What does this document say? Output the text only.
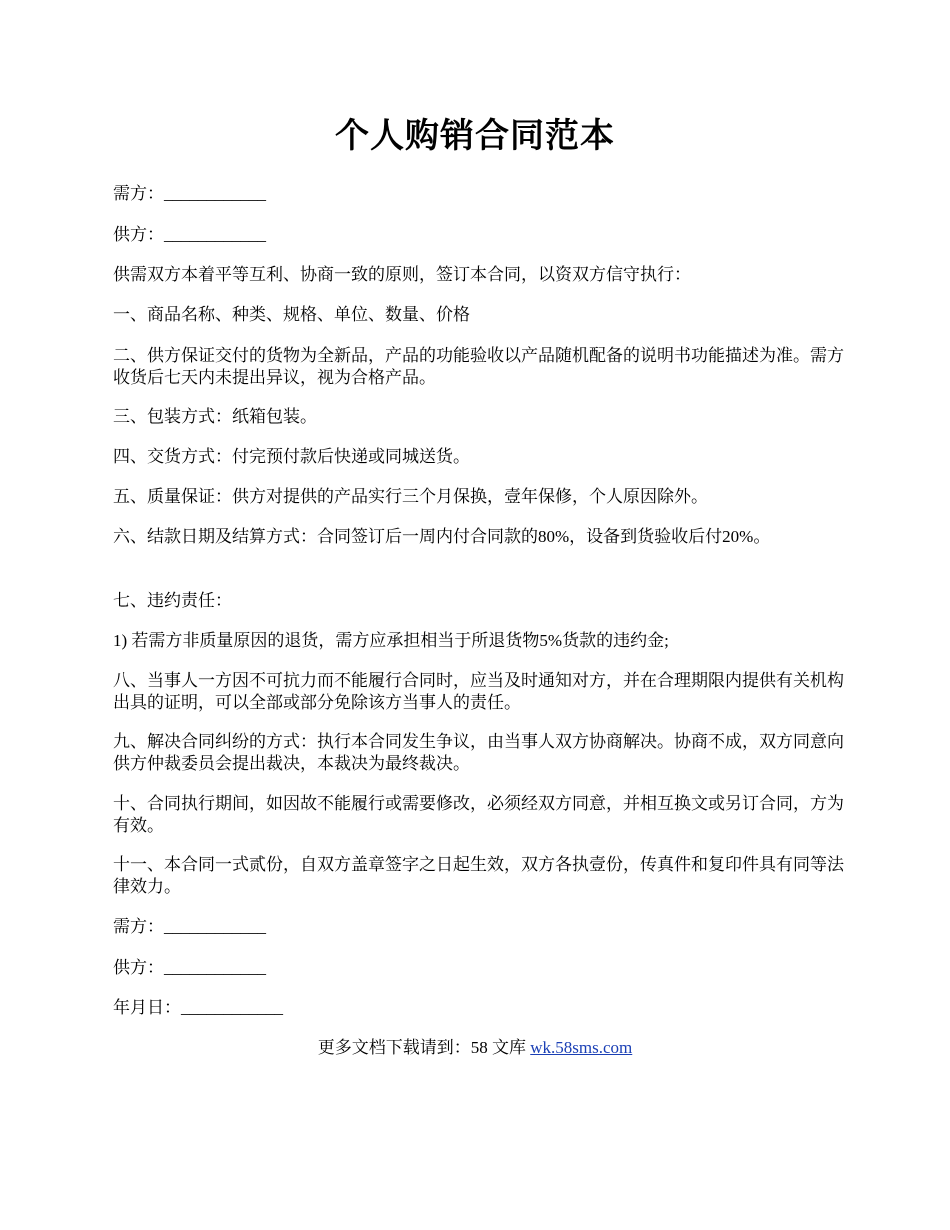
个人购销合同范本

需方：____________

供方：____________

供需双方本着平等互利、协商一致的原则，签订本合同，以资双方信守执行：

一、商品名称、种类、规格、单位、数量、价格

二、供方保证交付的货物为全新品，产品的功能验收以产品随机配备的说明书功能描述为准。需方收货后七天内未提出异议，视为合格产品。

三、包装方式：纸箱包装。

四、交货方式：付完预付款后快递或同城送货。

五、质量保证：供方对提供的产品实行三个月保换，壹年保修，个人原因除外。

六、结款日期及结算方式：合同签订后一周内付合同款的80%，设备到货验收后付20%。

七、违约责任：

1) 若需方非质量原因的退货，需方应承担相当于所退货物5%货款的违约金;

八、当事人一方因不可抗力而不能履行合同时，应当及时通知对方，并在合理期限内提供有关机构出具的证明，可以全部或部分免除该方当事人的责任。

九、解决合同纠纷的方式：执行本合同发生争议，由当事人双方协商解决。协商不成，双方同意向供方仲裁委员会提出裁决，本裁决为最终裁决。

十、合同执行期间，如因故不能履行或需要修改，必须经双方同意，并相互换文或另订合同，方为有效。

十一、本合同一式贰份，自双方盖章签字之日起生效，双方各执壹份，传真件和复印件具有同等法律效力。

需方：____________

供方：____________

年月日：____________

更多文档下载请到：58 文库 wk.58sms.com
